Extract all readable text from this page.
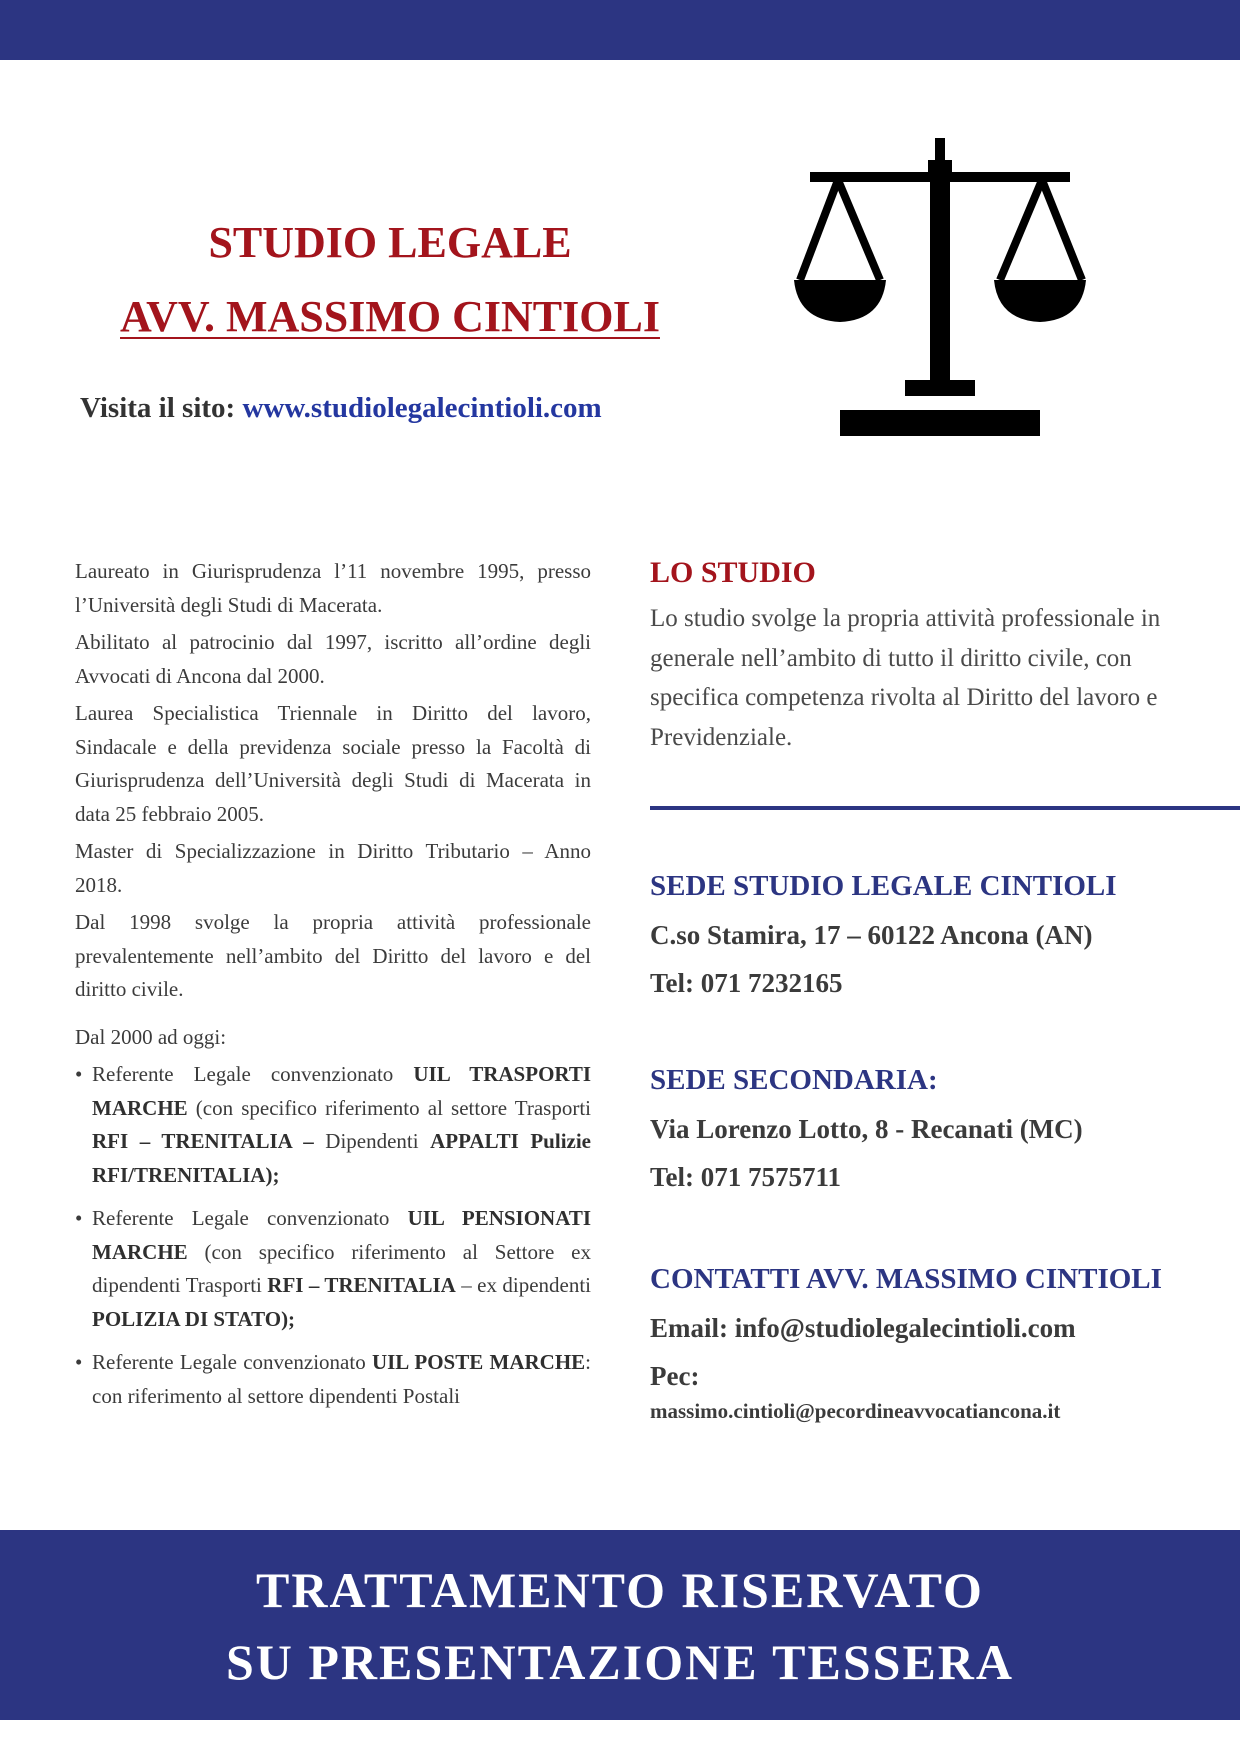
STUDIO LEGALE
AVV. MASSIMO CINTIOLI
Visita il sito: www.studiolegalecintioli.com

Laureato in Giurisprudenza l’11 novembre 1995, presso l’Università degli Studi di Macerata.

Abilitato al patrocinio dal 1997, iscritto all’ordine degli Avvocati di Ancona dal 2000.

Laurea Specialistica Triennale in Diritto del lavoro, Sindacale e della previdenza sociale presso la Facoltà di Giurisprudenza dell’Università degli Studi di Macerata in data 25 febbraio 2005.

Master di Specializzazione in Diritto Tributario – Anno 2018.

Dal 1998 svolge la propria attività professionale prevalentemente nell’ambito del Diritto del lavoro e del diritto civile.

Dal 2000 ad oggi:

• Referente Legale convenzionato UIL TRASPORTI MARCHE (con specifico riferimento al settore Trasporti RFI – TRENITALIA – Dipendenti APPALTI Pulizie RFI/TRENITALIA);
• Referente Legale convenzionato UIL PENSIONATI MARCHE (con specifico riferimento al Settore ex dipendenti Trasporti RFI – TRENITALIA – ex dipendenti POLIZIA DI STATO);
• Referente Legale convenzionato UIL POSTE MARCHE: con riferimento al settore dipendenti Postali
LO STUDIO
Lo studio svolge la propria attività professionale in generale nell’ambito di tutto il diritto civile, con specifica competenza rivolta al Diritto del lavoro e Previdenziale.
SEDE STUDIO LEGALE CINTIOLI
C.so Stamira, 17 – 60122 Ancona (AN)
Tel: 071 7232165
SEDE SECONDARIA:
Via Lorenzo Lotto, 8 - Recanati (MC)
Tel: 071 7575711
CONTATTI AVV. MASSIMO CINTIOLI
Email: info@studiolegalecintioli.com
Pec:
massimo.cintioli@pecordineavvocatiancona.it
TRATTAMENTO RISERVATO
SU PRESENTAZIONE TESSERA
